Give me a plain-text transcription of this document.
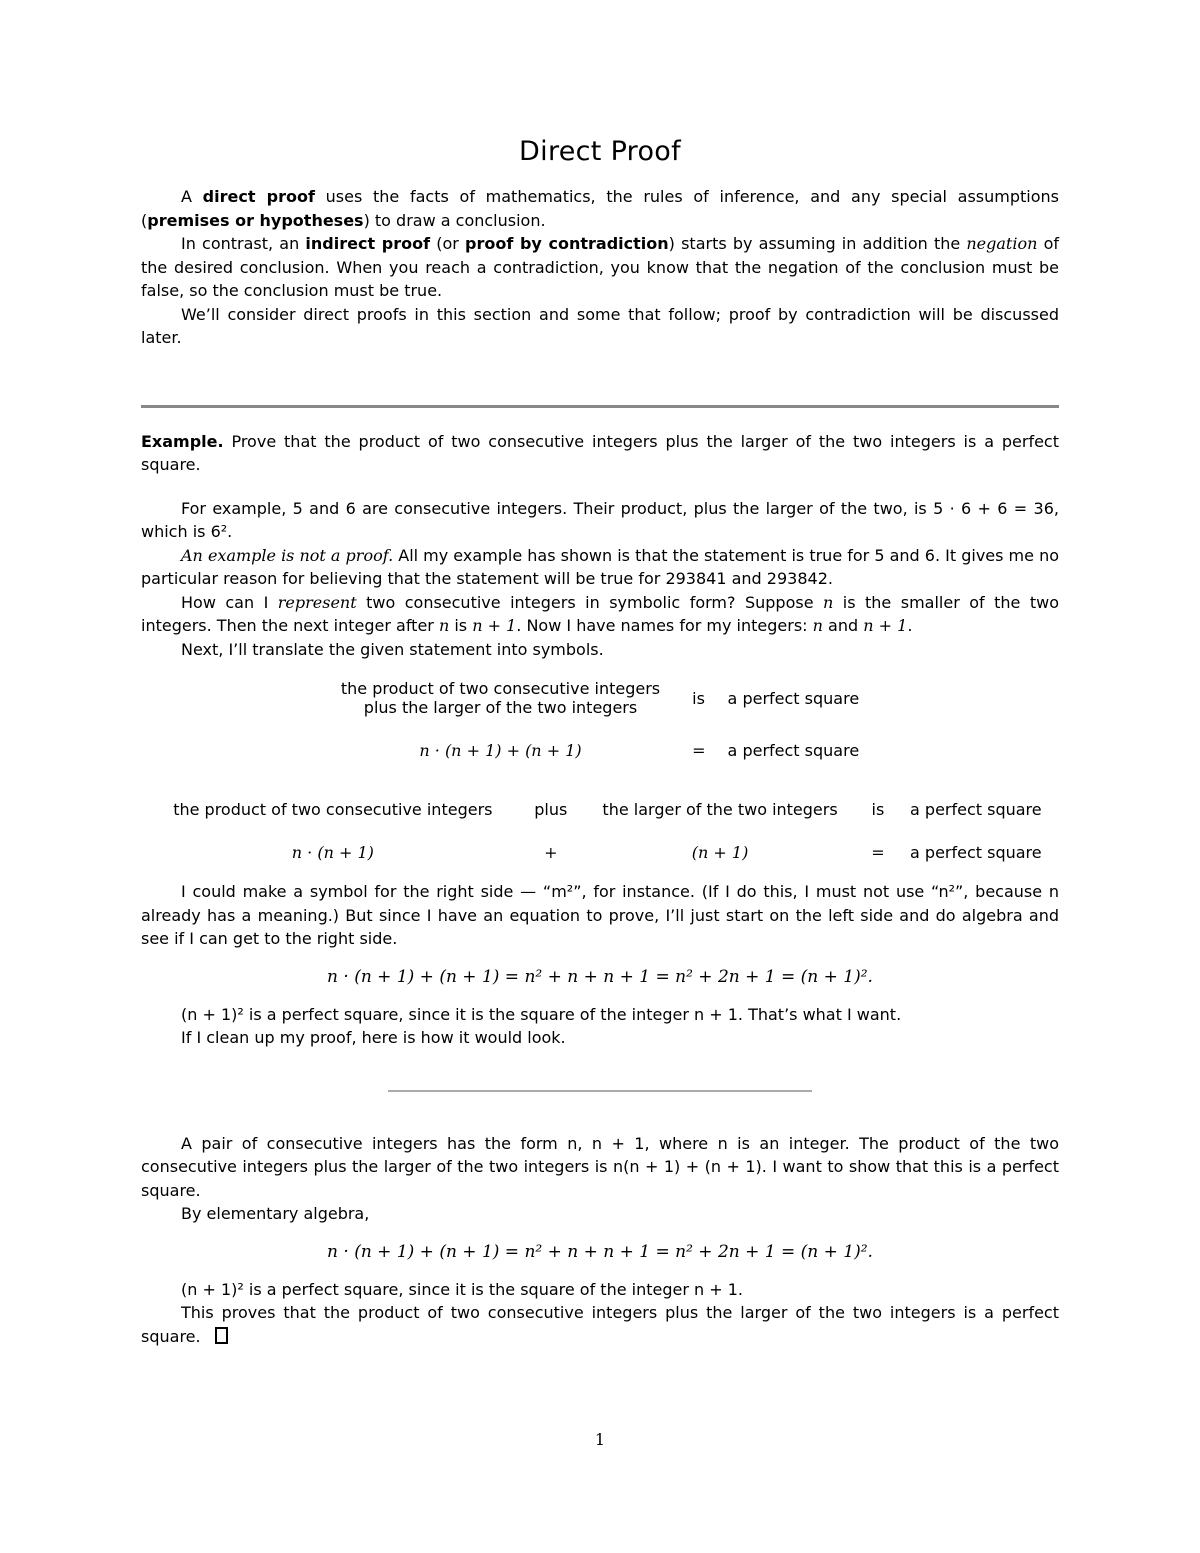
Direct Proof

A direct proof uses the facts of mathematics, the rules of inference, and any special assumptions (premises or hypotheses) to draw a conclusion.

In contrast, an indirect proof (or proof by contradiction) starts by assuming in addition the negation of the desired conclusion. When you reach a contradiction, you know that the negation of the conclusion must be false, so the conclusion must be true.

We’ll consider direct proofs in this section and some that follow; proof by contradiction will be discussed later.

Example. Prove that the product of two consecutive integers plus the larger of the two integers is a perfect square.

For example, 5 and 6 are consecutive integers. Their product, plus the larger of the two, is 5 · 6 + 6 = 36, which is 6².

An example is not a proof. All my example has shown is that the statement is true for 5 and 6. It gives me no particular reason for believing that the statement will be true for 293841 and 293842.

How can I represent two consecutive integers in symbolic form? Suppose n is the smaller of the two integers. Then the next integer after n is n + 1. Now I have names for my integers: n and n + 1.

Next, I’ll translate the given statement into symbols.

the product of two consecutive integers
plus the larger of the two integers	is	a perfect square

n · (n + 1) + (n + 1)	=	a perfect square
the product of two consecutive integers	plus	the larger of the two integers	is	a perfect square

n · (n + 1)	+	(n + 1)	=	a perfect square

I could make a symbol for the right side — “m²”, for instance. (If I do this, I must not use “n²”, because n already has a meaning.) But since I have an equation to prove, I’ll just start on the left side and do algebra and see if I can get to the right side.

n · (n + 1) + (n + 1) = n² + n + n + 1 = n² + 2n + 1 = (n + 1)².

(n + 1)² is a perfect square, since it is the square of the integer n + 1. That’s what I want.

If I clean up my proof, here is how it would look.

A pair of consecutive integers has the form n, n + 1, where n is an integer. The product of the two consecutive integers plus the larger of the two integers is n(n + 1) + (n + 1). I want to show that this is a perfect square.

By elementary algebra,

n · (n + 1) + (n + 1) = n² + n + n + 1 = n² + 2n + 1 = (n + 1)².

(n + 1)² is a perfect square, since it is the square of the integer n + 1.

This proves that the product of two consecutive integers plus the larger of the two integers is a perfect square.

1
